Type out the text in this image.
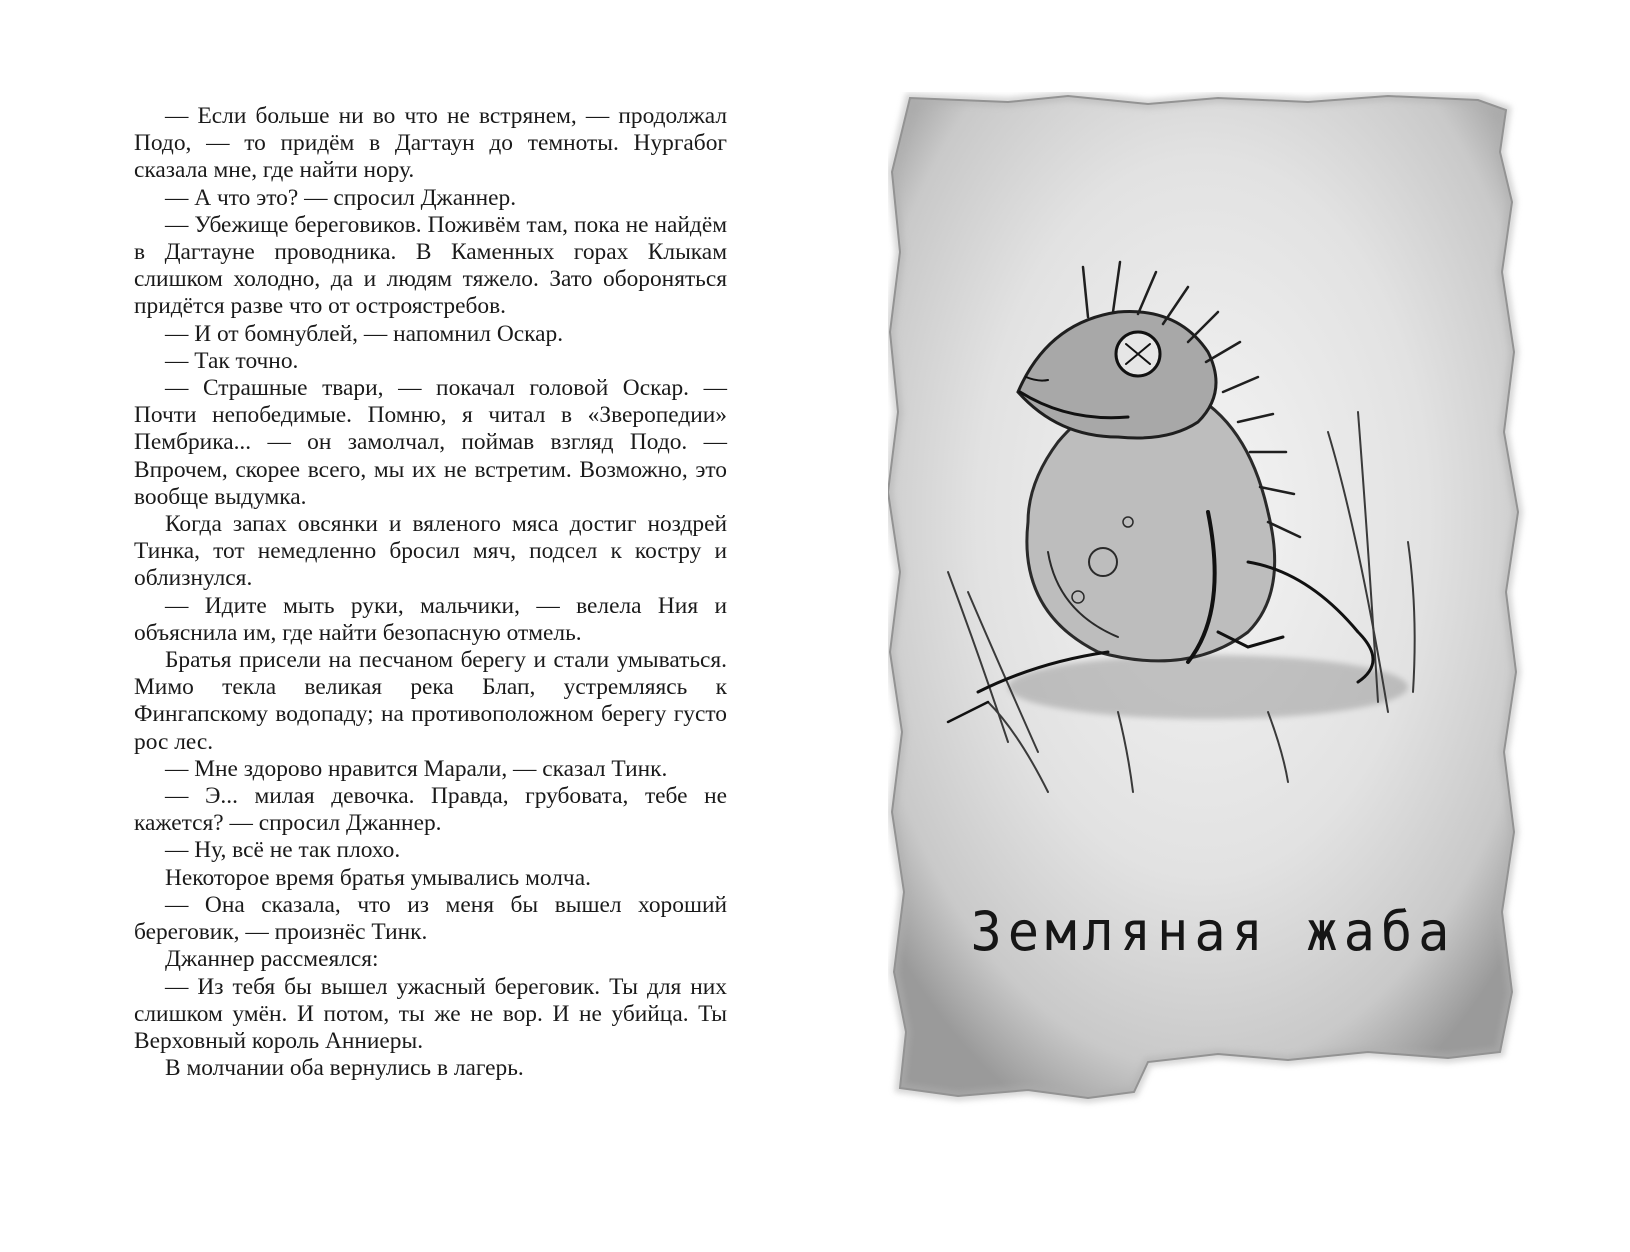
— Если больше ни во что не встрянем, — продолжал Подо, — то придём в Дагтаун до темноты. Нургабог сказала мне, где найти нору.

— А что это? — спросил Джаннер.

— Убежище береговиков. Поживём там, пока не найдём в Дагтауне проводника. В Каменных горах Клыкам слишком холодно, да и людям тяжело. Зато обороняться придётся разве что от остроястребов.

— И от бомнублей, — напомнил Оскар.

— Так точно.

— Страшные твари, — покачал головой Оскар. — Почти непобедимые. Помню, я читал в «Зверопедии» Пембрика... — он замолчал, поймав взгляд Подо. — Впрочем, скорее всего, мы их не встретим. Возможно, это вообще выдумка.

Когда запах овсянки и вяленого мяса достиг ноздрей Тинка, тот немедленно бросил мяч, подсел к костру и облизнулся.

— Идите мыть руки, мальчики, — велела Ния и объяснила им, где найти безопасную отмель.

Братья присели на песчаном берегу и стали умываться. Мимо текла великая река Блап, устремляясь к Фингапскому водопаду; на противоположном берегу густо рос лес.

— Мне здорово нравится Марали, — сказал Тинк.

— Э... милая девочка. Правда, грубовата, тебе не кажется? — спросил Джаннер.

— Ну, всё не так плохо.

Некоторое время братья умывались молча.

— Она сказала, что из меня бы вышел хороший береговик, — произнёс Тинк.

Джаннер рассмеялся:

— Из тебя бы вышел ужасный береговик. Ты для них слишком умён. И потом, ты же не вор. И не убийца. Ты Верховный король Анниеры.

В молчании оба вернулись в лагерь.

Земляная жаба
